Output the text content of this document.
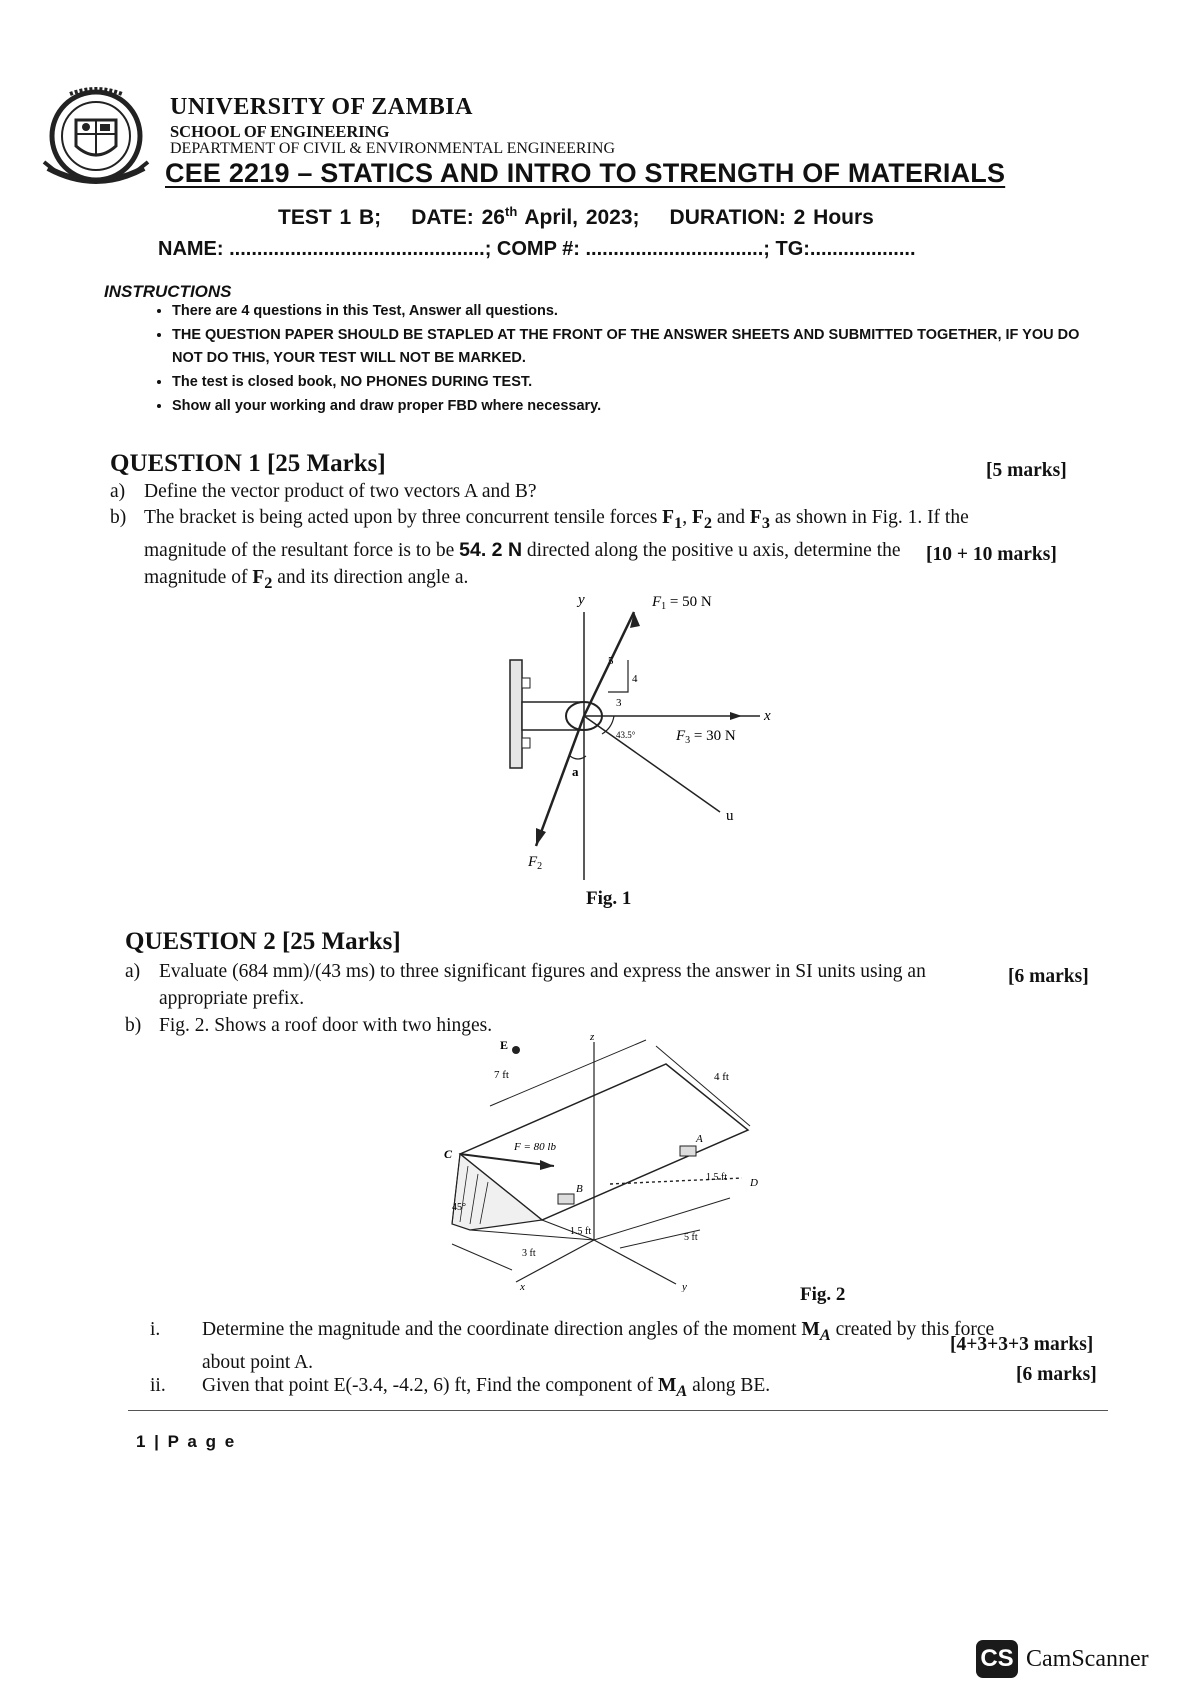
UNIVERSITY OF ZAMBIA
SCHOOL OF ENGINEERING
DEPARTMENT OF CIVIL & ENVIRONMENTAL ENGINEERING
CEE 2219 – STATICS AND INTRO TO STRENGTH OF MATERIALS
TEST 1 B; DATE: 26th April, 2023; DURATION: 2 Hours
NAME: ..............................................; COMP #: ................................; TG:...................
INSTRUCTIONS
• There are 4 questions in this Test, Answer all questions.
• THE QUESTION PAPER SHOULD BE STAPLED AT THE FRONT OF THE ANSWER SHEETS AND SUBMITTED TOGETHER, IF YOU DO NOT DO THIS, YOUR TEST WILL NOT BE MARKED.
• The test is closed book, NO PHONES DURING TEST.
• Show all your working and draw proper FBD where necessary.
QUESTION 1 [25 Marks]
a) Define the vector product of two vectors A and B?
[5 marks]
b) The bracket is being acted upon by three concurrent tensile forces $F_1$, $F_2$ and $F_3$ as shown in Fig. 1. If the
magnitude of the resultant force is to be 54. 2 N directed along the positive u axis, determine the
magnitude of $F_2$ and its direction angle a.
[10 + 10 marks]
y
x
u
a
$F_1 = 50$ N
$F_3 = 30$ N
$F_2$
5
4
3
43.5°
Fig. 1
QUESTION 2 [25 Marks]
a) Evaluate (684 mm)/(43 ms) to three significant figures and express the answer in SI units using an
appropriate prefix.
[6 marks]
b) Fig. 2. Shows a roof door with two hinges.
E
z
7 ft	4 ft
C	F = 80 lb
A
1.5 ft
B	D
45°
1.5 ft
5 ft
3 ft
x	y	Fig. 2
i. Determine the magnitude and the coordinate direction angles of the moment $M_A$ created by this force
about point A.
[4+3+3+3 marks]
ii. Given that point E(-3.4, -4.2, 6) ft, Find the component of $M_A$ along BE.
[6 marks]
1 | P a g e
CS CamScanner
